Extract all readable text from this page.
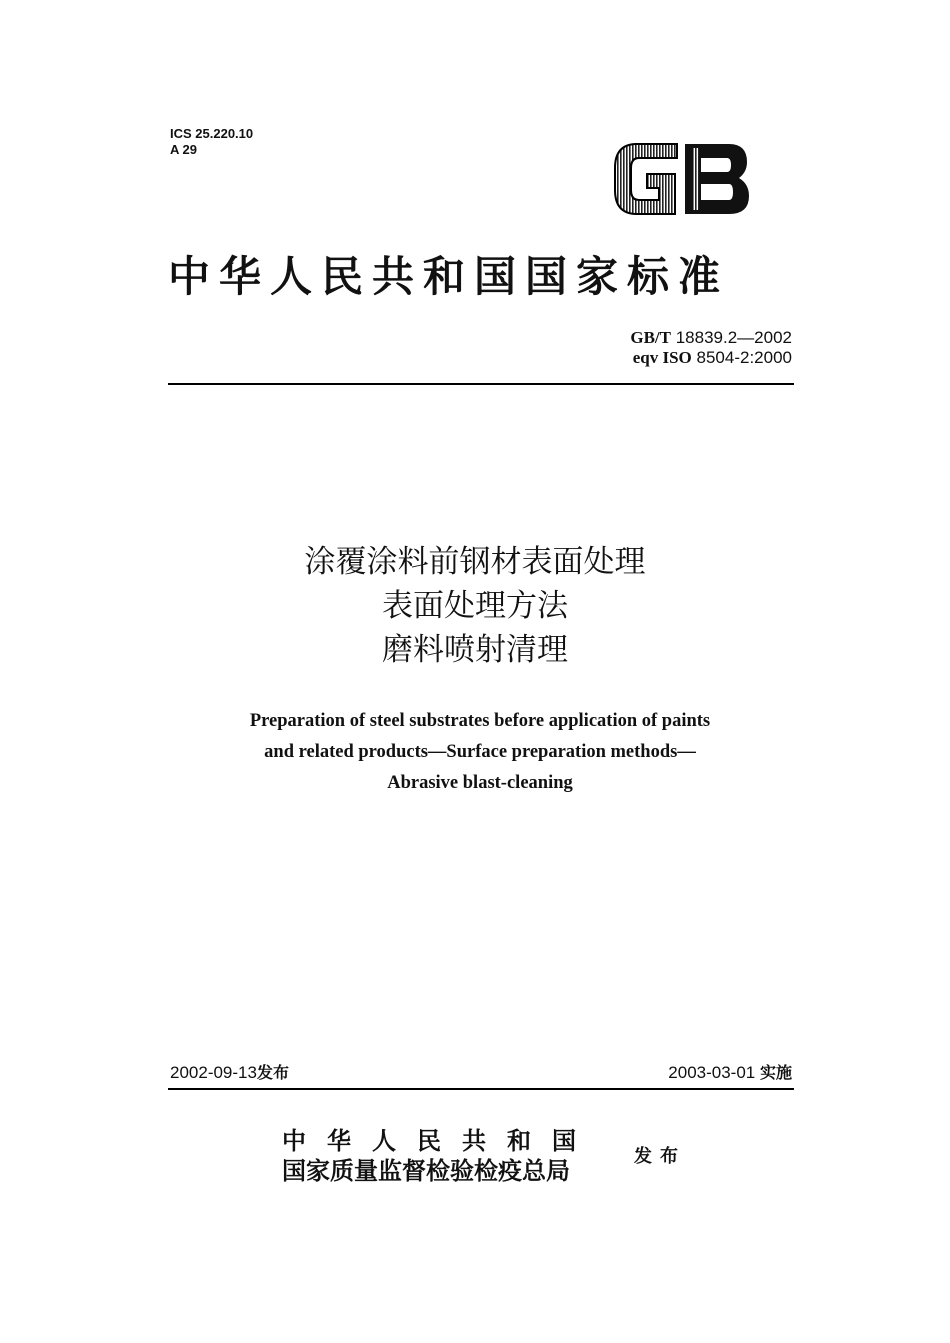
ICS 25.220.10
A 29
中华人民共和国国家标准
GB/T 18839.2—2002
eqv ISO 8504-2:2000
涂覆涂料前钢材表面处理
表面处理方法
磨料喷射清理
Preparation of steel substrates before application of paints
and related products—Surface preparation methods—
Abrasive blast-cleaning
2002-09-13发布	2003-03-01 实施
中华人民共和国
国家质量监督检验检疫总局	发布
